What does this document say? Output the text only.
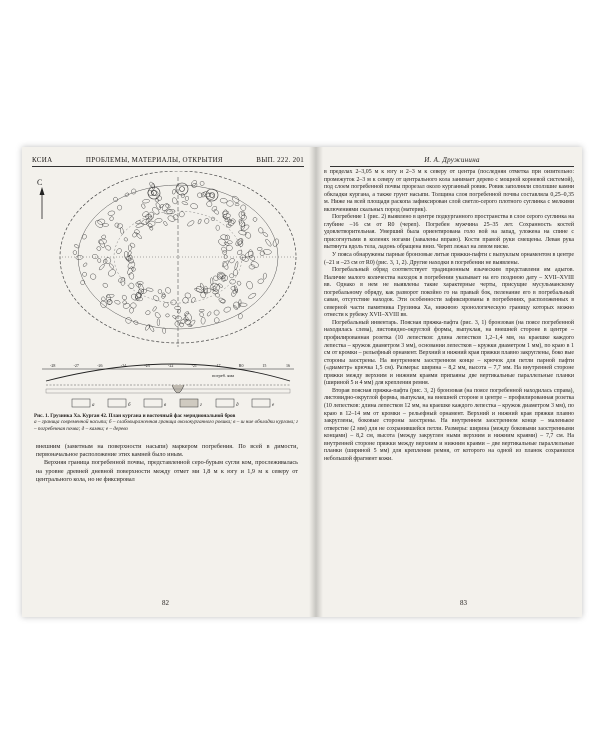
КСИА	ПРОБЛЕМЫ, МАТЕРИАЛЫ, ОТКРЫТИЯ	ВЫП. 222. 201
С
-28	-27	-26	-24	-23	-22	-21	-17	R0	15	16
погреб. яма
а	б	в	г	д	е
Рис. 1. Грузинка Ха. Курган 42. План кургана и восточный фас меридиональной бров
а – граница современной насыпи; б – слабовыраженная граница околокурганного ровика; в – ш ние обкладки кургана; г – погребенная почва; д – камни; е – дерево

внешним (заметным на поверхности насыпи) маркером погребения. По всей в димости, первоначальное расположение этих камней было иным.

Верхняя граница погребенной почвы, представленной серо-бурым сугли ком, прослеживалась на уровне древней дневной поверхности между отмет ми 1,8 м к югу и 1,9 м к северу от центрального кола, но не фиксировал

82
И. А. Дружинина

в пределах 2–3,05 м к югу и 2–3 м к северу от центра (последняя отметка при оизительно: промежуток 2–3 м к северу от центрального кола занимает дерево с мощной корневой системой), под слоем погребенной почвы прорезал около курганный ровик. Ровик заполняли сползшие камни обкладки кургана, а также грунт насыпи. Толщина слоя погребенной почвы составляла 0,25–0,35 м. Ниже на всей площади раскопа зафиксирован слой светло-серого плотного суглинка с мелкими включениями скальных пород (материк).

Погребение 1 (рис. 2) выявлено в центре подкурганного пространства в слое серого суглинка на глубине –16 см от R0 (череп). Погребен мужчина 25–35 лет. Сохранность костей удовлетворительная. Умерший была ориентирована голо вой на запад, уложена на спине с присогнутыми в коленях ногами (завалены вправо). Кости правой руки смещены. Левая рука вытянута вдоль тела, ладонь обращена вниз. Череп лежал на левом виске.

У пояса обнаружены парные бронзовые литые пряжки-пафти с выпуклым орнаментом в центре (–21 и –23 см от R0) (рис. 3, 1, 2). Другие находки в погребении не выявлены.

Погребальный обряд соответствует традиционным языческим представлени ям адыгов. Наличие малого количества находок в погребении указывает на его позднюю дату – XVII–XVIII вв. Однако в нем не выявлены такие характерные черты, присущие мусульманскому погребальному обряду, как разворот покойно го на правый бок, пеленание его в погребальный саван, отсутствие находок. Эти особенности зафиксированы в погребениях, расположенных в северной части памятника Грузинка Ха, нижнюю хронологическую границу которых можно отнести к рубежу XVII–XVIII вв.

Погребальный инвентарь. Поясная пряжка-пафта (рис. 3, 1) бронзовая (на поясе погребенной находилась слева), листовидно-округлой формы, выпуклая, на внешней стороне в центре – профилированная розетка (10 лепестков: длина лепестков 1,2–1,4 мм, на краешке каждого лепестка – кружок диаметром 3 мм), основании лепестков – кружки диаметром 1 мм), по краю в 1 см от кромки – рельефный орнамент. Верхний и нижний края пряжки плавно закруглены, боко вые стороны заострены. На внутреннем заостренном конце – крючок для петли парной пафти («диаметр» крючка 1,5 см). Размеры: ширина – 8,2 мм, высота – 7,7 мм. На внутренней стороне пряжки между верхним и нижним краями припаяны две вертикальные параллельные планки (шириной 5 и 4 мм) для крепления ремня.

Вторая поясная пряжка-пафта (рис. 3, 2) бронзовая (на поясе погребенной находилась справа), листовидно-округлой формы, выпуклая, на внешней стороне в центре – профилированная розетка (10 лепестков: длина лепестков 12 мм, на краешке каждого лепестка – кружок диаметром 3 мм), по краю в 12–14 мм от кромки – рельефный орнамент. Верхний и нижний края пряжки плавно закруглены, боковые стороны заострены. На внутреннем заостренном конце – маленькое отверстие (2 мм) для не сохранившейся петли. Размеры: ширина (между боковыми заостренными концами) – 8,2 см, высота (между закруглен ными верхним и нижним краями) – 7,7 см. На внутренней стороне пряжки между верхним и нижним краями – две вертикальные параллельные планки (шириной 5 мм) для крепления ремня, от которого на одной из планок сохранился небольшой фрагмент кожи.

83
